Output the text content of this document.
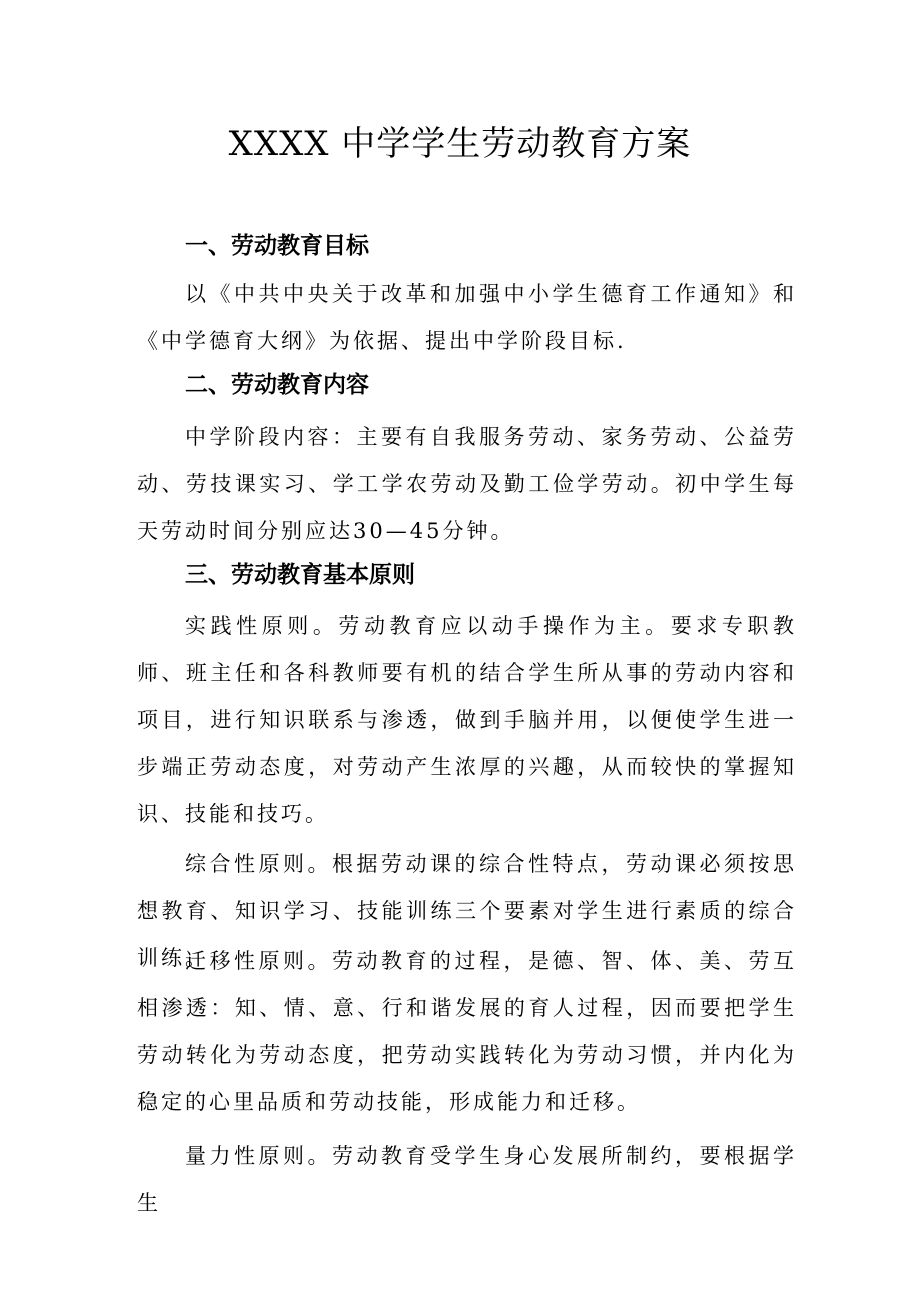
XXXX 中学学生劳动教育方案
一、劳动教育目标
以《中共中央关于改革和加强中小学生德育工作通知》和《中学德育大纲》为依据、提出中学阶段目标.
二、劳动教育内容
中学阶段内容：主要有自我服务劳动、家务劳动、公益劳动、劳技课实习、学工学农劳动及勤工俭学劳动。初中学生每天劳动时间分别应达30—45分钟。
三、劳动教育基本原则
实践性原则。劳动教育应以动手操作为主。要求专职教师、班主任和各科教师要有机的结合学生所从事的劳动内容和项目，进行知识联系与渗透，做到手脑并用，以便使学生进一步端正劳动态度，对劳动产生浓厚的兴趣，从而较快的掌握知识、技能和技巧。
综合性原则。根据劳动课的综合性特点，劳动课必须按思想教育、知识学习、技能训练三个要素对学生进行素质的综合训练。
迁移性原则。劳动教育的过程，是德、智、体、美、劳互相渗透：知、情、意、行和谐发展的育人过程，因而要把学生劳动转化为劳动态度，把劳动实践转化为劳动习惯，并内化为稳定的心里品质和劳动技能，形成能力和迁移。
量力性原则。劳动教育受学生身心发展所制约，要根据学生
